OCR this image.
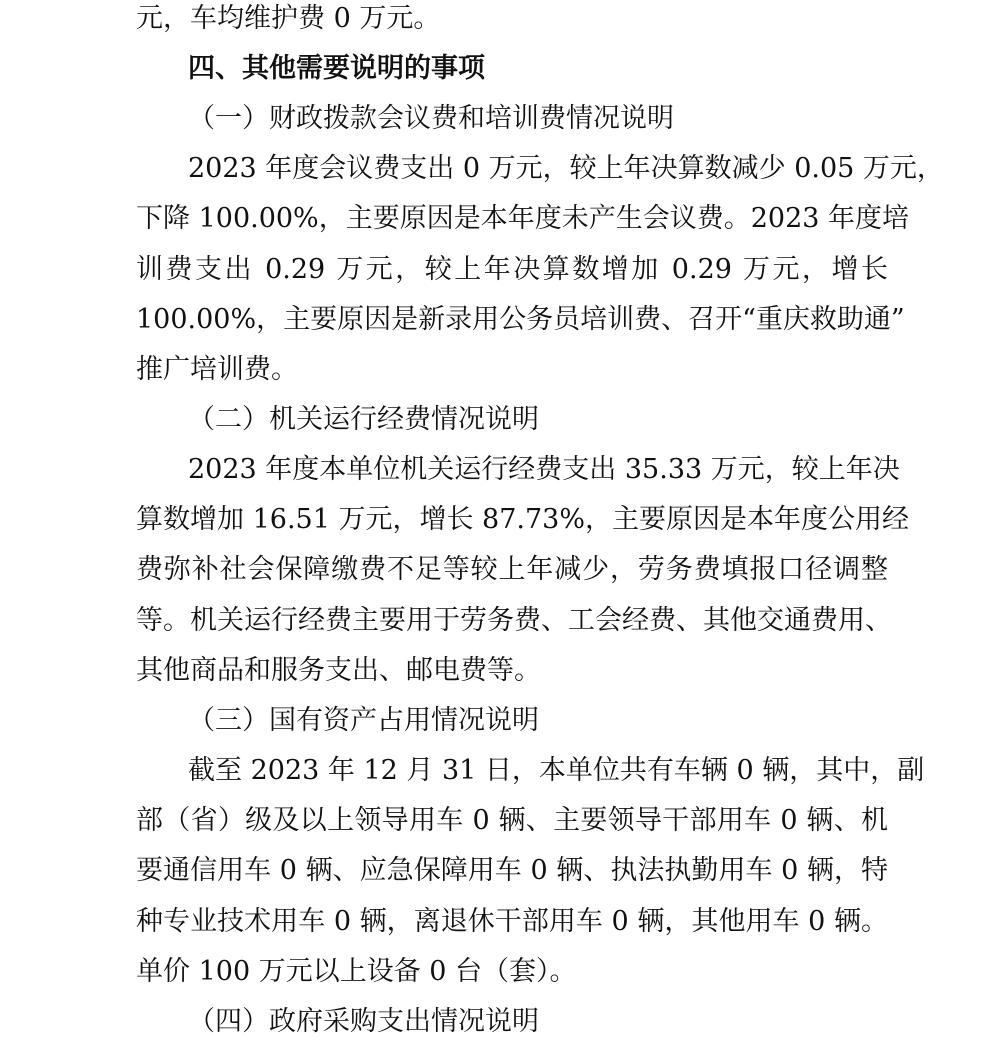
元，车均维护费 0 万元。
四、其他需要说明的事项
（一）财政拨款会议费和培训费情况说明
2023 年度会议费支出 0 万元，较上年决算数减少 0.05 万元，
下降 100.00%，主要原因是本年度未产生会议费。2023 年度培
训费支出 0.29 万元，较上年决算数增加 0.29 万元，增长
100.00%，主要原因是新录用公务员培训费、召开“重庆救助通”
推广培训费。
（二）机关运行经费情况说明
2023 年度本单位机关运行经费支出 35.33 万元，较上年决
算数增加 16.51 万元，增长 87.73%，主要原因是本年度公用经
费弥补社会保障缴费不足等较上年减少，劳务费填报口径调整
等。机关运行经费主要用于劳务费、工会经费、其他交通费用、
其他商品和服务支出、邮电费等。
（三）国有资产占用情况说明
截至 2023 年 12 月 31 日，本单位共有车辆 0 辆，其中，副
部（省）级及以上领导用车 0 辆、主要领导干部用车 0 辆、机
要通信用车 0 辆、应急保障用车 0 辆、执法执勤用车 0 辆，特
种专业技术用车 0 辆，离退休干部用车 0 辆，其他用车 0 辆。
单价 100 万元以上设备 0 台（套）。
（四）政府采购支出情况说明
